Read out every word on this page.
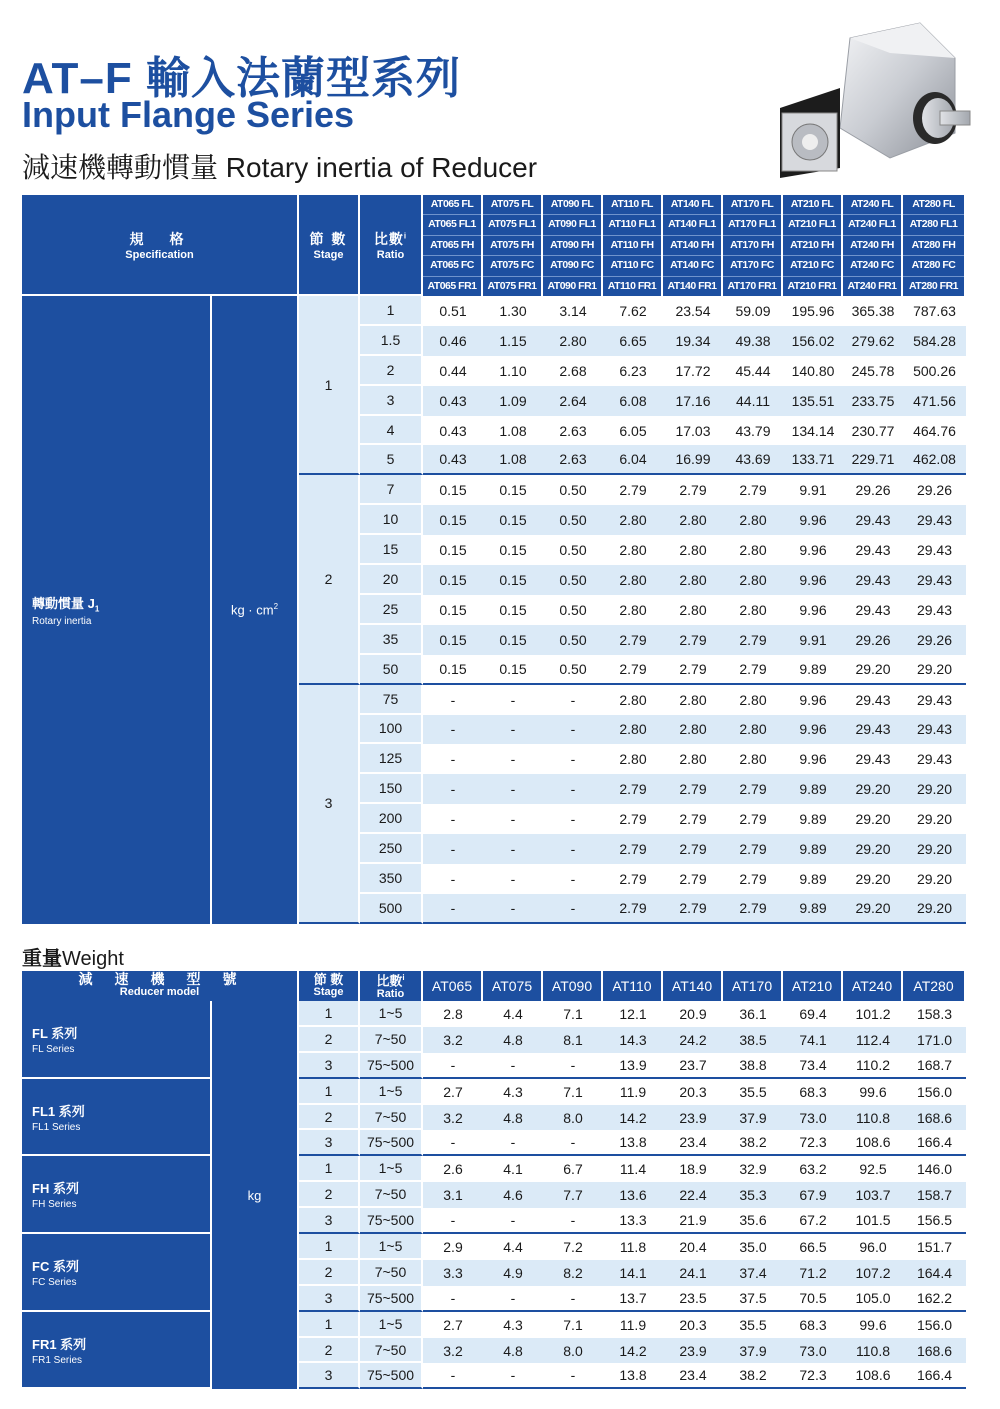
AT–F 輸入法蘭型系列
Input Flange Series
減速機轉動慣量 Rotary inertia of Reducer
規　格
Specification		節 數
Stage	比數$^i$
Ratio	AT065 FL
AT065 FL1
AT065 FH
AT065 FC
AT065 FR1	AT075 FL
AT075 FL1
AT075 FH
AT075 FC
AT075 FR1	AT090 FL
AT090 FL1
AT090 FH
AT090 FC
AT090 FR1	AT110 FL
AT110 FL1
AT110 FH
AT110 FC
AT110 FR1	AT140 FL
AT140 FL1
AT140 FH
AT140 FC
AT140 FR1	AT170 FL
AT170 FL1
AT170 FH
AT170 FC
AT170 FR1	AT210 FL
AT210 FL1
AT210 FH
AT210 FC
AT210 FR1	AT240 FL
AT240 FL1
AT240 FH
AT240 FC
AT240 FR1	AT280 FL
AT280 FL1
AT280 FH
AT280 FC
AT280 FR1

轉動慣量 $J_1$
Rotary inertia	kg · $cm^2$	1	1	0.51	1.30	3.14	7.62	23.54	59.09	195.96	365.38	787.63
			1.5	0.46	1.15	2.80	6.65	19.34	49.38	156.02	279.62	584.28
			2	0.44	1.10	2.68	6.23	17.72	45.44	140.80	245.78	500.26
			3	0.43	1.09	2.64	6.08	17.16	44.11	135.51	233.75	471.56
			4	0.43	1.08	2.63	6.05	17.03	43.79	134.14	230.77	464.76
			5	0.43	1.08	2.63	6.04	16.99	43.69	133.71	229.71	462.08
		2	7	0.15	0.15	0.50	2.79	2.79	2.79	9.91	29.26	29.26
			10	0.15	0.15	0.50	2.80	2.80	2.80	9.96	29.43	29.43
			15	0.15	0.15	0.50	2.80	2.80	2.80	9.96	29.43	29.43
			20	0.15	0.15	0.50	2.80	2.80	2.80	9.96	29.43	29.43
			25	0.15	0.15	0.50	2.80	2.80	2.80	9.96	29.43	29.43
			35	0.15	0.15	0.50	2.79	2.79	2.79	9.91	29.26	29.26
			50	0.15	0.15	0.50	2.79	2.79	2.79	9.89	29.20	29.20
		3	75	-	-	-	2.80	2.80	2.80	9.96	29.43	29.43
			100	-	-	-	2.80	2.80	2.80	9.96	29.43	29.43
			125	-	-	-	2.80	2.80	2.80	9.96	29.43	29.43
			150	-	-	-	2.79	2.79	2.79	9.89	29.20	29.20
			200	-	-	-	2.79	2.79	2.79	9.89	29.20	29.20
			250	-	-	-	2.79	2.79	2.79	9.89	29.20	29.20
			350	-	-	-	2.79	2.79	2.79	9.89	29.20	29.20
			500	-	-	-	2.79	2.79	2.79	9.89	29.20	29.20
重量Weight
減　速　機　型　號
Reducer model		節 數
Stage	比數$^i$
Ratio	AT065	AT075	AT090	AT110	AT140	AT170	AT210	AT240	AT280

FL 系列
FL Series	kg	1	1~5	2.8	4.4	7.1	12.1	20.9	36.1	69.4	101.2	158.3
		2	7~50	3.2	4.8	8.1	14.3	24.2	38.5	74.1	112.4	171.0
		3	75~500	-	-	-	13.9	23.7	38.8	73.4	110.2	168.7

FL1 系列
FL1 Series		1	1~5	2.7	4.3	7.1	11.9	20.3	35.5	68.3	99.6	156.0
		2	7~50	3.2	4.8	8.0	14.2	23.9	37.9	73.0	110.8	168.6
		3	75~500	-	-	-	13.8	23.4	38.2	72.3	108.6	166.4

FH 系列
FH Series		1	1~5	2.6	4.1	6.7	11.4	18.9	32.9	63.2	92.5	146.0
		2	7~50	3.1	4.6	7.7	13.6	22.4	35.3	67.9	103.7	158.7
		3	75~500	-	-	-	13.3	21.9	35.6	67.2	101.5	156.5

FC 系列
FC Series		1	1~5	2.9	4.4	7.2	11.8	20.4	35.0	66.5	96.0	151.7
		2	7~50	3.3	4.9	8.2	14.1	24.1	37.4	71.2	107.2	164.4
		3	75~500	-	-	-	13.7	23.5	37.5	70.5	105.0	162.2

FR1 系列
FR1 Series		1	1~5	2.7	4.3	7.1	11.9	20.3	35.5	68.3	99.6	156.0
		2	7~50	3.2	4.8	8.0	14.2	23.9	37.9	73.0	110.8	168.6
		3	75~500	-	-	-	13.8	23.4	38.2	72.3	108.6	166.4
